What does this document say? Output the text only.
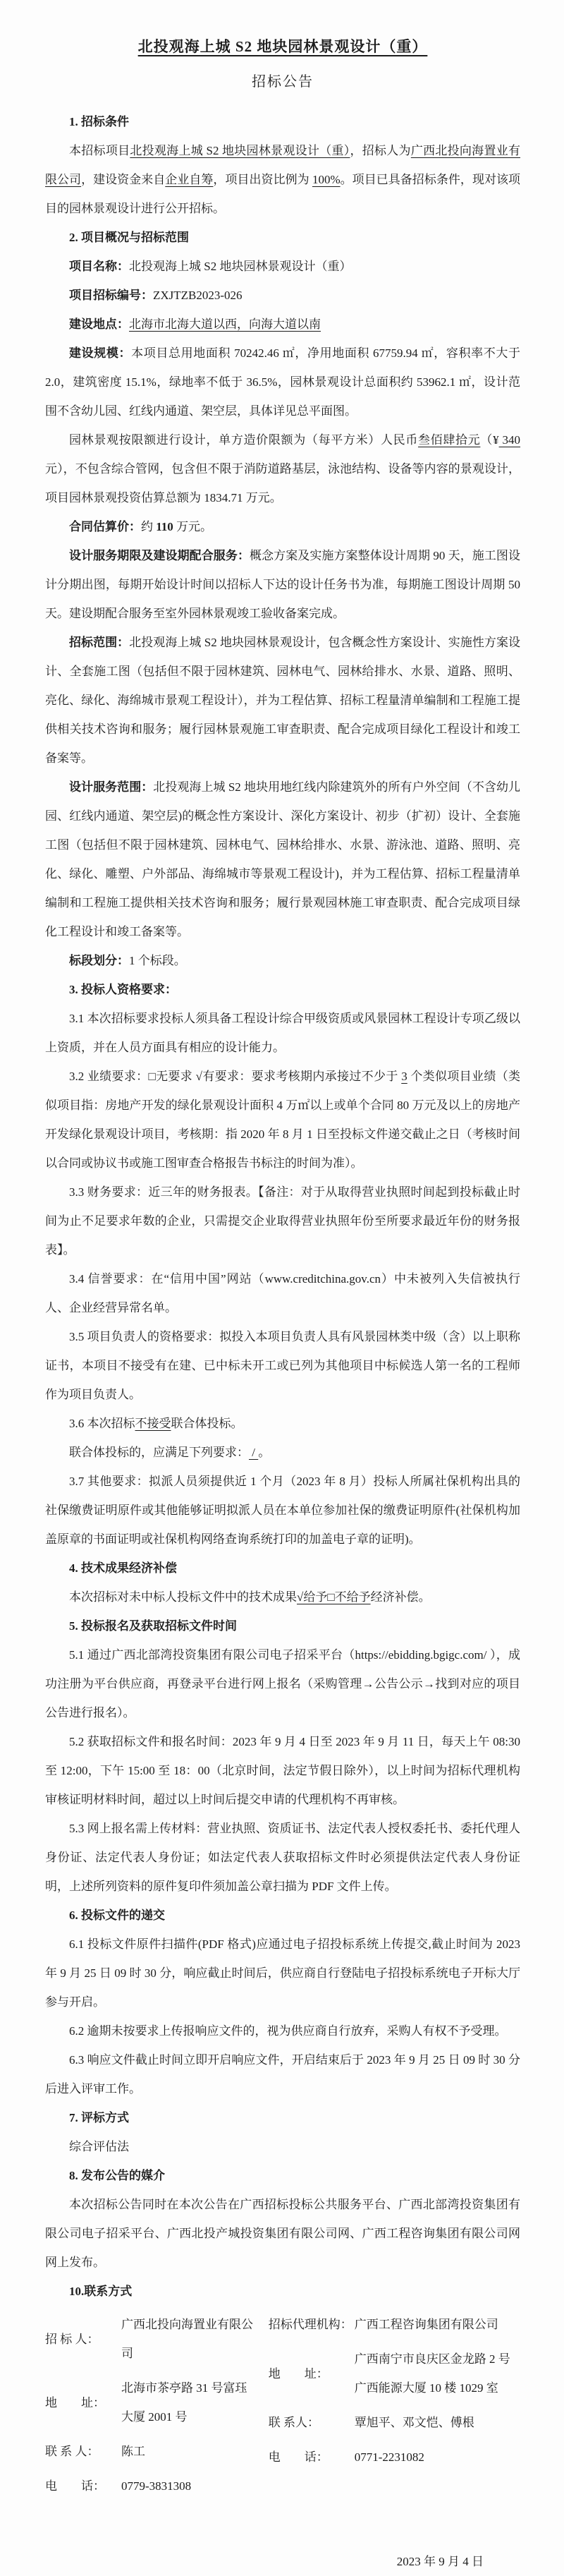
北投观海上城 S2 地块园林景观设计（重）
招标公告
1. 招标条件

本招标项目北投观海上城 S2 地块园林景观设计（重），招标人为广西北投向海置业有限公司，建设资金来自企业自筹，项目出资比例为 100%。项目已具备招标条件，现对该项目的园林景观设计进行公开招标。

2. 项目概况与招标范围

项目名称：北投观海上城 S2 地块园林景观设计（重）

项目招标编号：ZXJTZB2023-026

建设地点：北海市北海大道以西，向海大道以南

建设规模：本项目总用地面积 70242.46 ㎡，净用地面积 67759.94 ㎡，容积率不大于 2.0，建筑密度 15.1%，绿地率不低于 36.5%，园林景观设计总面积约 53962.1 ㎡，设计范围不含幼儿园、红线内通道、架空层，具体详见总平面图。

园林景观按限额进行设计，单方造价限额为（每平方米）人民币叁佰肆拾元（¥ 340 元），不包含综合管网，包含但不限于消防道路基层，泳池结构、设备等内容的景观设计，项目园林景观投资估算总额为 1834.71 万元。

合同估算价：约 110 万元。

设计服务期限及建设期配合服务：概念方案及实施方案整体设计周期 90 天，施工图设计分期出图，每期开始设计时间以招标人下达的设计任务书为准，每期施工图设计周期 50 天。建设期配合服务至室外园林景观竣工验收备案完成。

招标范围：北投观海上城 S2 地块园林景观设计，包含概念性方案设计、实施性方案设计、全套施工图（包括但不限于园林建筑、园林电气、园林给排水、水景、道路、照明、亮化、绿化、海绵城市景观工程设计），并为工程估算、招标工程量清单编制和工程施工提供相关技术咨询和服务；履行园林景观施工审查职责、配合完成项目绿化工程设计和竣工备案等。

设计服务范围：北投观海上城 S2 地块用地红线内除建筑外的所有户外空间（不含幼儿园、红线内通道、架空层)的概念性方案设计、深化方案设计、初步（扩初）设计、全套施工图（包括但不限于园林建筑、园林电气、园林给排水、水景、游泳池、道路、照明、亮化、绿化、雕塑、户外部品、海绵城市等景观工程设计)，并为工程估算、招标工程量清单编制和工程施工提供相关技术咨询和服务；履行景观园林施工审查职责、配合完成项目绿化工程设计和竣工备案等。

标段划分：1 个标段。

3. 投标人资格要求：

3.1 本次招标要求投标人须具备工程设计综合甲级资质或风景园林工程设计专项乙级以上资质，并在人员方面具有相应的设计能力。

3.2 业绩要求：□无要求 √有要求：要求考核期内承接过不少于 3 个类似项目业绩（类似项目指：房地产开发的绿化景观设计面积 4 万㎡以上或单个合同 80 万元及以上的房地产开发绿化景观设计项目，考核期：指 2020 年 8 月 1 日至投标文件递交截止之日（考核时间以合同或协议书或施工图审查合格报告书标注的时间为准）。

3.3 财务要求：近三年的财务报表。【备注：对于从取得营业执照时间起到投标截止时间为止不足要求年数的企业，只需提交企业取得营业执照年份至所要求最近年份的财务报表】。

3.4 信誉要求：在“信用中国”网站（www.creditchina.gov.cn）中未被列入失信被执行人、企业经营异常名单。

3.5 项目负责人的资格要求：拟投入本项目负责人具有风景园林类中级（含）以上职称证书，本项目不接受有在建、已中标未开工或已列为其他项目中标候选人第一名的工程师作为项目负责人。

3.6 本次招标不接受联合体投标。

联合体投标的，应满足下列要求： / 。

3.7 其他要求：拟派人员须提供近 1 个月（2023 年 8 月）投标人所属社保机构出具的社保缴费证明原件或其他能够证明拟派人员在本单位参加社保的缴费证明原件(社保机构加盖原章的书面证明或社保机构网络查询系统打印的加盖电子章的证明)。

4. 技术成果经济补偿

本次招标对未中标人投标文件中的技术成果√给予□不给予经济补偿。

5. 投标报名及获取招标文件时间

5.1 通过广西北部湾投资集团有限公司电子招采平台（https://ebidding.bgigc.com/ ），成功注册为平台供应商，再登录平台进行网上报名（采购管理→公告公示→找到对应的项目公告进行报名）。

5.2 获取招标文件和报名时间：2023 年 9 月 4 日至 2023 年 9 月 11 日，每天上午 08:30 至 12:00，下午 15:00 至 18：00（北京时间，法定节假日除外），以上时间为招标代理机构审核证明材料时间，超过以上时间后提交申请的代理机构不再审核。

5.3 网上报名需上传材料：营业执照、资质证书、法定代表人授权委托书、委托代理人身份证、法定代表人身份证；如法定代表人获取招标文件时必须提供法定代表人身份证明，上述所列资料的原件复印件须加盖公章扫描为 PDF 文件上传。

6. 投标文件的递交

6.1 投标文件原件扫描件(PDF 格式)应通过电子招投标系统上传提交,截止时间为 2023 年 9 月 25 日 09 时 30 分，响应截止时间后，供应商自行登陆电子招投标系统电子开标大厅参与开启。

6.2 逾期未按要求上传报响应文件的，视为供应商自行放弃，采购人有权不予受理。

6.3 响应文件截止时间立即开启响应文件，开启结束后于 2023 年 9 月 25 日 09 时 30 分后进入评审工作。

7. 评标方式

综合评估法

8. 发布公告的媒介

本次招标公告同时在本次公告在广西招标投标公共服务平台、广西北部湾投资集团有限公司电子招采平台、广西北投产城投资集团有限公司网、广西工程咨询集团有限公司网网上发布。

10.联系方式
招 标 人：
广西北投向海置业有限公司
地　　址：
北海市茶亭路 31 号富珏大厦 2001 号
联 系 人：	陈工
电　　话：	0779-3831308
招标代理机构： 广西工程咨询集团有限公司
地　　址：
广西南宁市良庆区金龙路 2 号广西能源大厦 10 楼 1029 室
联 系人：	覃旭平、邓文恺、傅根
电　　话：	0771-2231082
2023 年 9 月 4 日
